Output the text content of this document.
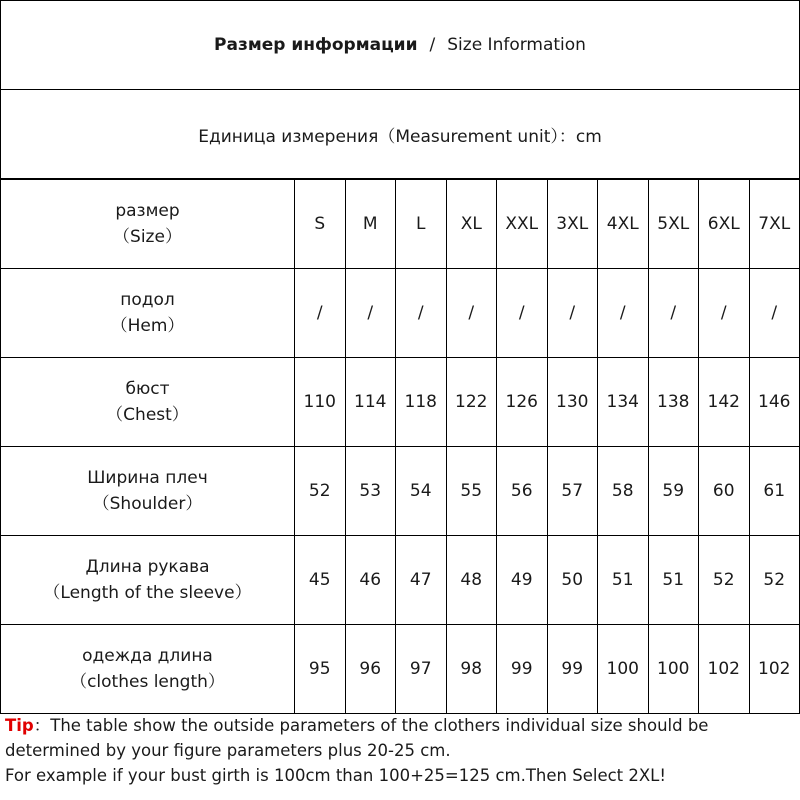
Размер информации / Size Information
Единица измерения（Measurement unit）：cm
размер
（Size）	S	M	L	XL	XXL	3XL	4XL	5XL	6XL	7XL

подол
（Hem）	/	/	/	/	/	/	/	/	/	/

бюст
（Chest）	110	114	118	122	126	130	134	138	142	146

Ширина плеч
（Shoulder）	52	53	54	55	56	57	58	59	60	61

Длина рукава
（Length of the sleeve）	45	46	47	48	49	50	51	51	52	52

одежда длина
（clothes length）	95	96	97	98	99	99	100	100	102	102
Tip：The table show the outside parameters of the clothers individual size should be
determined by your figure parameters plus 20-25 cm.
For example if your bust girth is 100cm than 100+25=125 cm.Then Select 2XL!
